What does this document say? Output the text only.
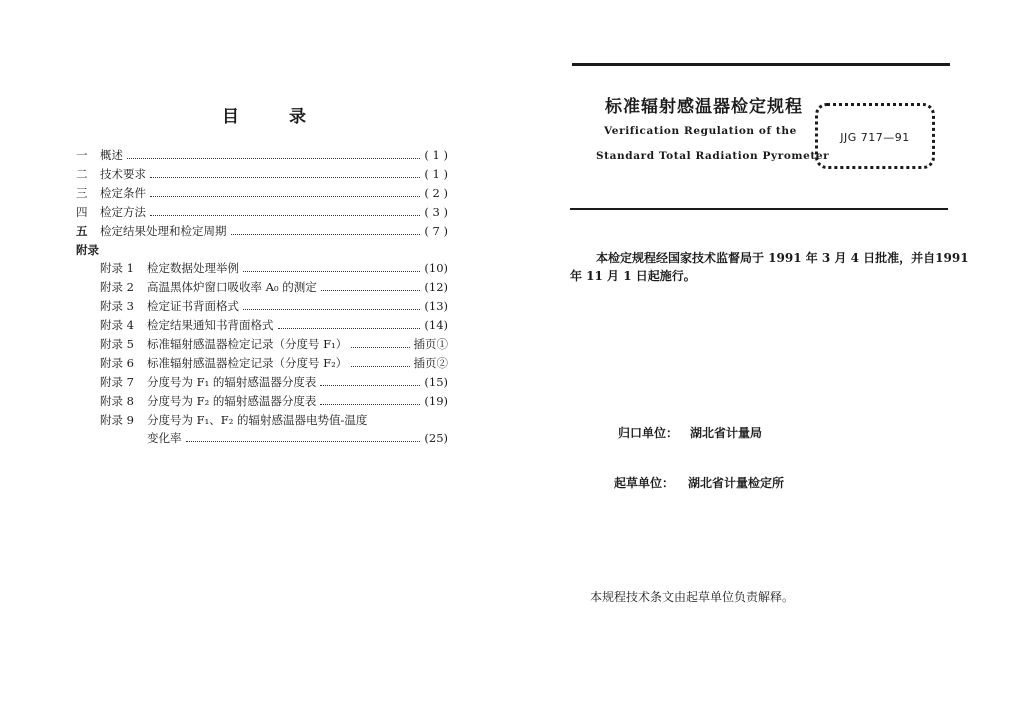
目录
一	概述	( 1 )
二	技术要求	( 1 )
三	检定条件	( 2 )
四	检定方法	( 3 )
五	检定结果处理和检定周期	( 7 )
附录
附录 1	检定数据处理举例	(10)
附录 2	高温黑体炉窗口吸收率 A₀ 的测定	(12)
附录 3	检定证书背面格式	(13)
附录 4	检定结果通知书背面格式	(14)
附录 5	标准辐射感温器检定记录（分度号 F₁）	插页①
附录 6	标准辐射感温器检定记录（分度号 F₂）	插页②
附录 7	分度号为 F₁ 的辐射感温器分度表	(15)
附录 8	分度号为 F₂ 的辐射感温器分度表	(19)
附录 9	分度号为 F₁、F₂ 的辐射感温器电势值-温度
变化率	(25)
标准辐射感温器检定规程
Verification Regulation of the
Standard Total Radiation Pyrometer
JJG 717—91
本检定规程经国家技术监督局于 1991 年 3 月 4 日批准，并自1991
年 11 月 1 日起施行。
归口单位： 湖北省计量局
起草单位： 湖北省计量检定所
本规程技术条文由起草单位负责解释。
